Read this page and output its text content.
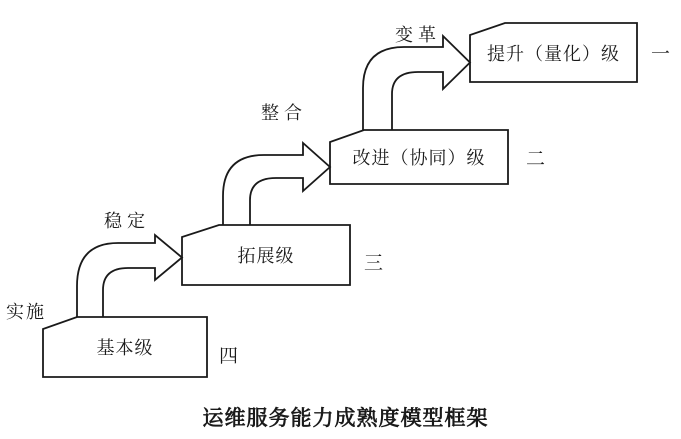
基本级
拓展级
改进（协同）级
提升（量化）级
实施
稳定
整合
变革
四
三
二
一
运维服务能力成熟度模型框架
